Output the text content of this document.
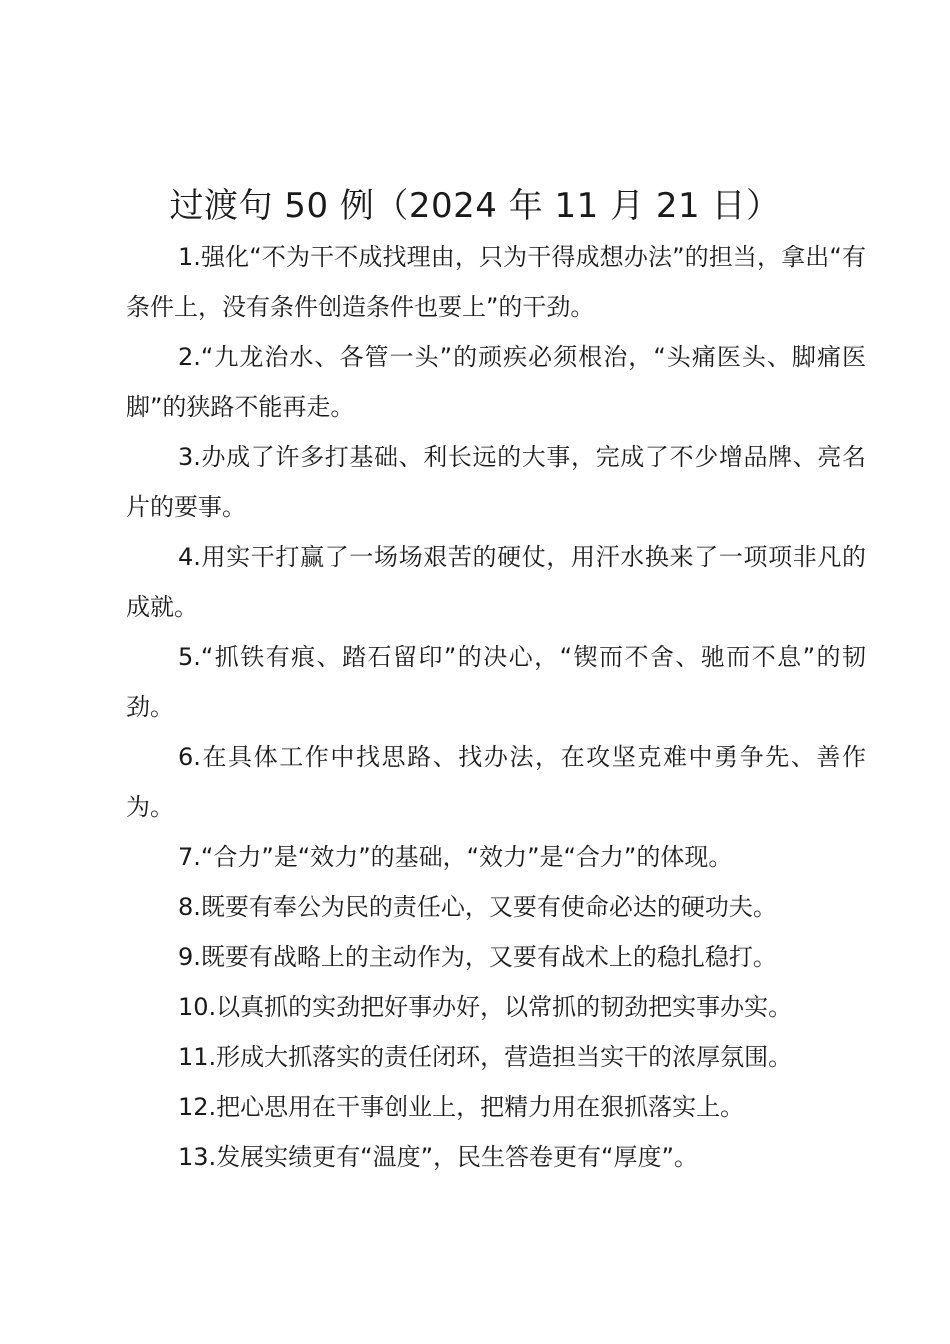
过渡句 50 例（2024 年 11 月 21 日）

1.强化“不为干不成找理由，只为干得成想办法”的担当，拿出“有条件上，没有条件创造条件也要上”的干劲。

2.“九龙治水、各管一头”的顽疾必须根治，“头痛医头、脚痛医脚”的狭路不能再走。

3.办成了许多打基础、利长远的大事，完成了不少增品牌、亮名片的要事。

4.用实干打赢了一场场艰苦的硬仗，用汗水换来了一项项非凡的成就。

5.“抓铁有痕、踏石留印”的决心，“锲而不舍、驰而不息”的韧劲。

6.在具体工作中找思路、找办法，在攻坚克难中勇争先、善作为。

7.“合力”是“效力”的基础，“效力”是“合力”的体现。

8.既要有奉公为民的责任心，又要有使命必达的硬功夫。

9.既要有战略上的主动作为，又要有战术上的稳扎稳打。

10.以真抓的实劲把好事办好，以常抓的韧劲把实事办实。

11.形成大抓落实的责任闭环，营造担当实干的浓厚氛围。

12.把心思用在干事创业上，把精力用在狠抓落实上。

13.发展实绩更有“温度”，民生答卷更有“厚度”。
